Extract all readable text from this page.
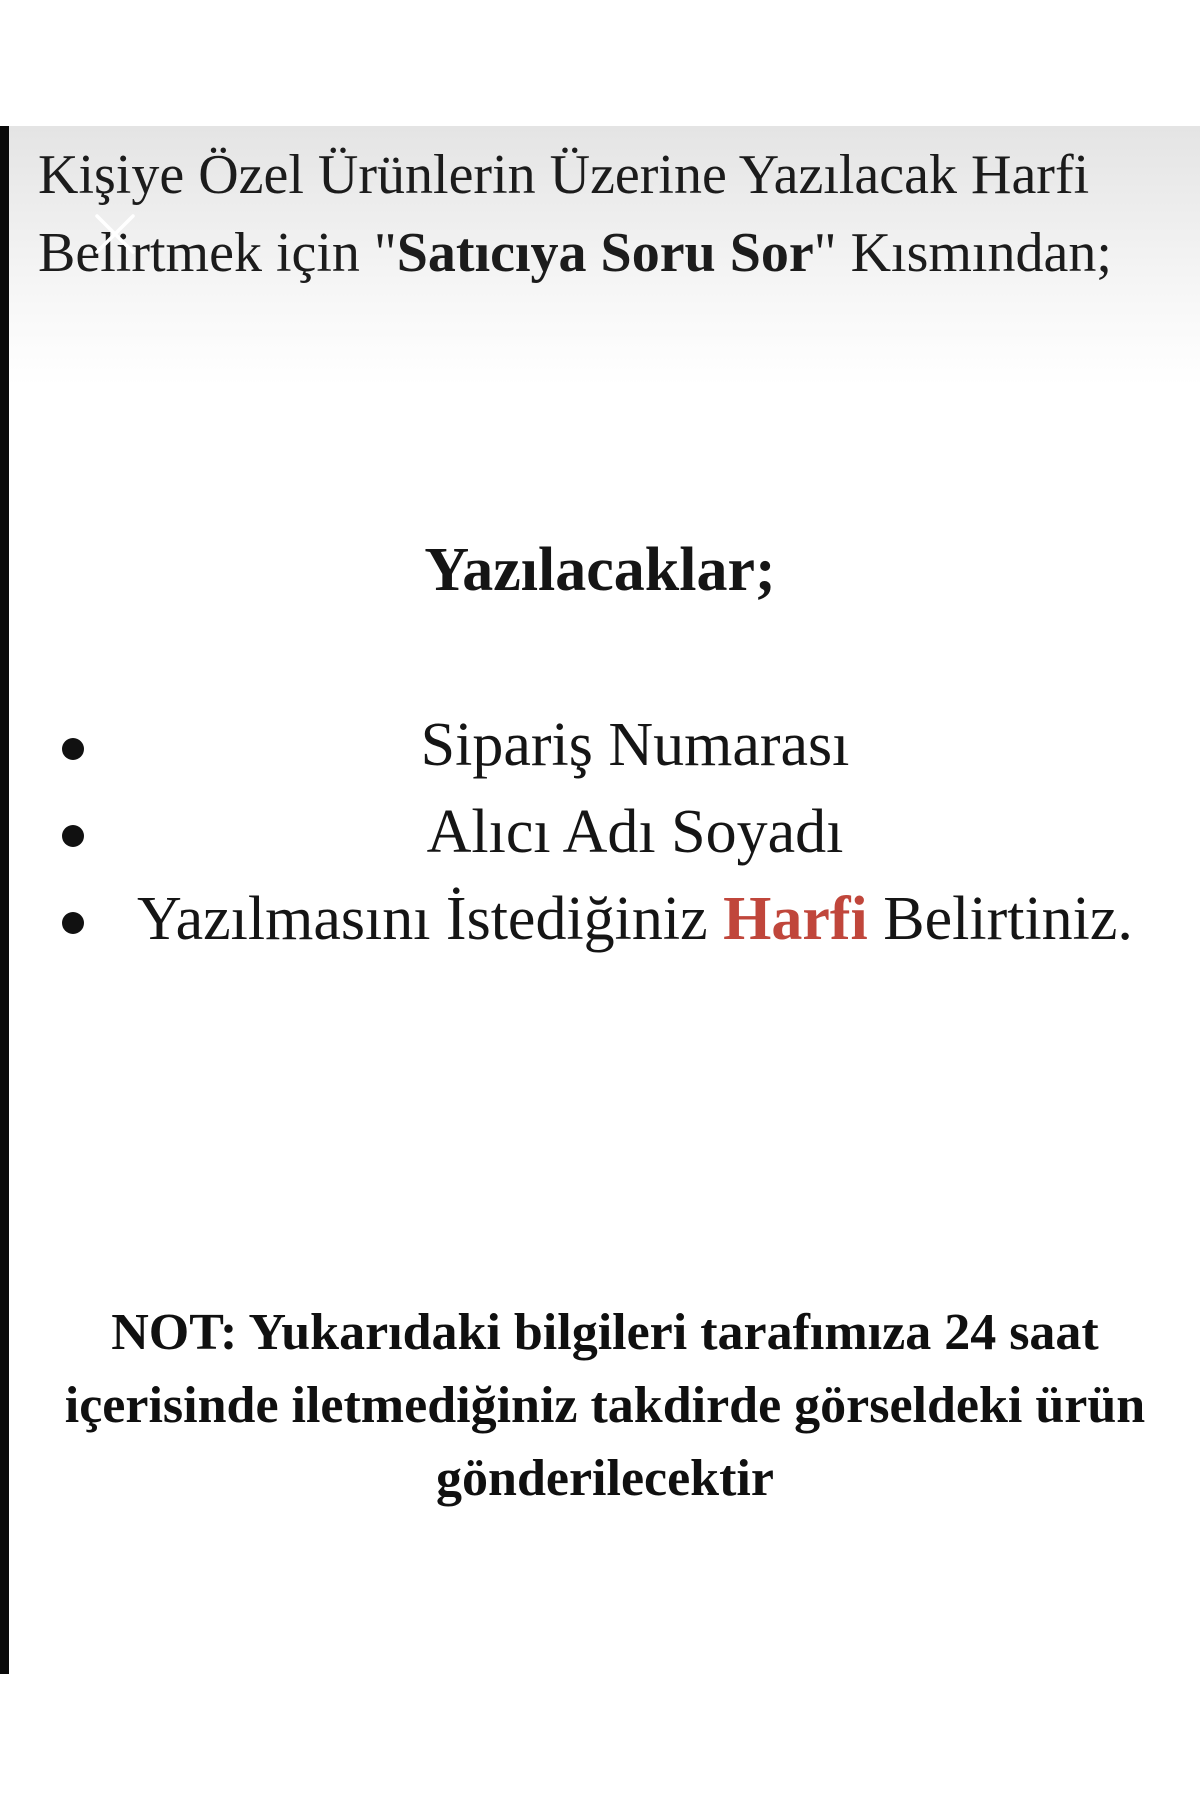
Kişiye Özel Ürünlerin Üzerine Yazılacak Harfi Belirtmek için "Satıcıya Soru Sor" Kısmından;

Yazılacaklar;
Sipariş Numarası
Alıcı Adı Soyadı
Yazılmasını İstediğiniz Harfi Belirtiniz.

NOT: Yukarıdaki bilgileri tarafımıza 24 saat içerisinde iletmediğiniz takdirde görseldeki ürün gönderilecektir
